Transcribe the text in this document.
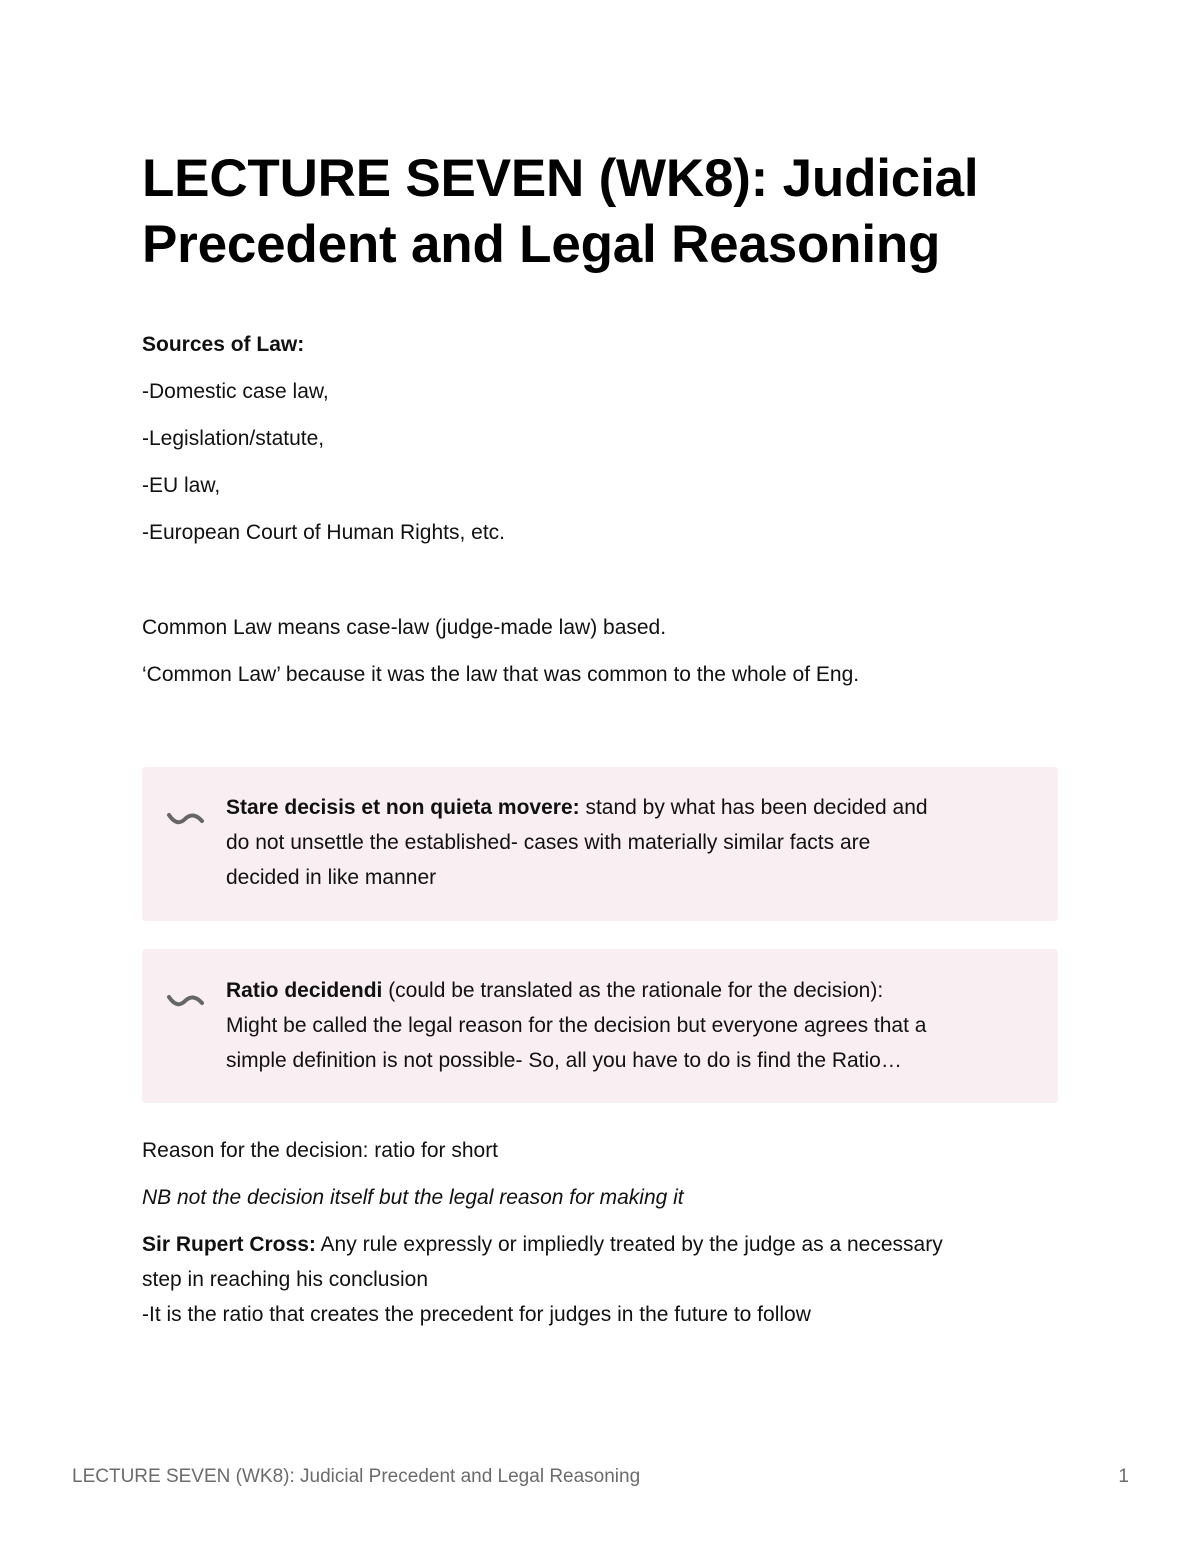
LECTURE SEVEN (WK8): Judicial
Precedent and Legal Reasoning

Sources of Law:

-Domestic case law,

-Legislation/statute,

-EU law,

-European Court of Human Rights, etc.

Common Law means case-law (judge-made law) based.

‘Common Law’ because it was the law that was common to the whole of Eng.

Stare decisis et non quieta movere: stand by what has been decided and
do not unsettle the established- cases with materially similar facts are
decided in like manner

Ratio decidendi (could be translated as the rationale for the decision):
Might be called the legal reason for the decision but everyone agrees that a
simple definition is not possible- So, all you have to do is find the Ratio…

Reason for the decision: ratio for short

NB not the decision itself but the legal reason for making it

Sir Rupert Cross: Any rule expressly or impliedly treated by the judge as a necessary

step in reaching his conclusion

-It is the ratio that creates the precedent for judges in the future to follow

LECTURE SEVEN (WK8): Judicial Precedent and Legal Reasoning	1
